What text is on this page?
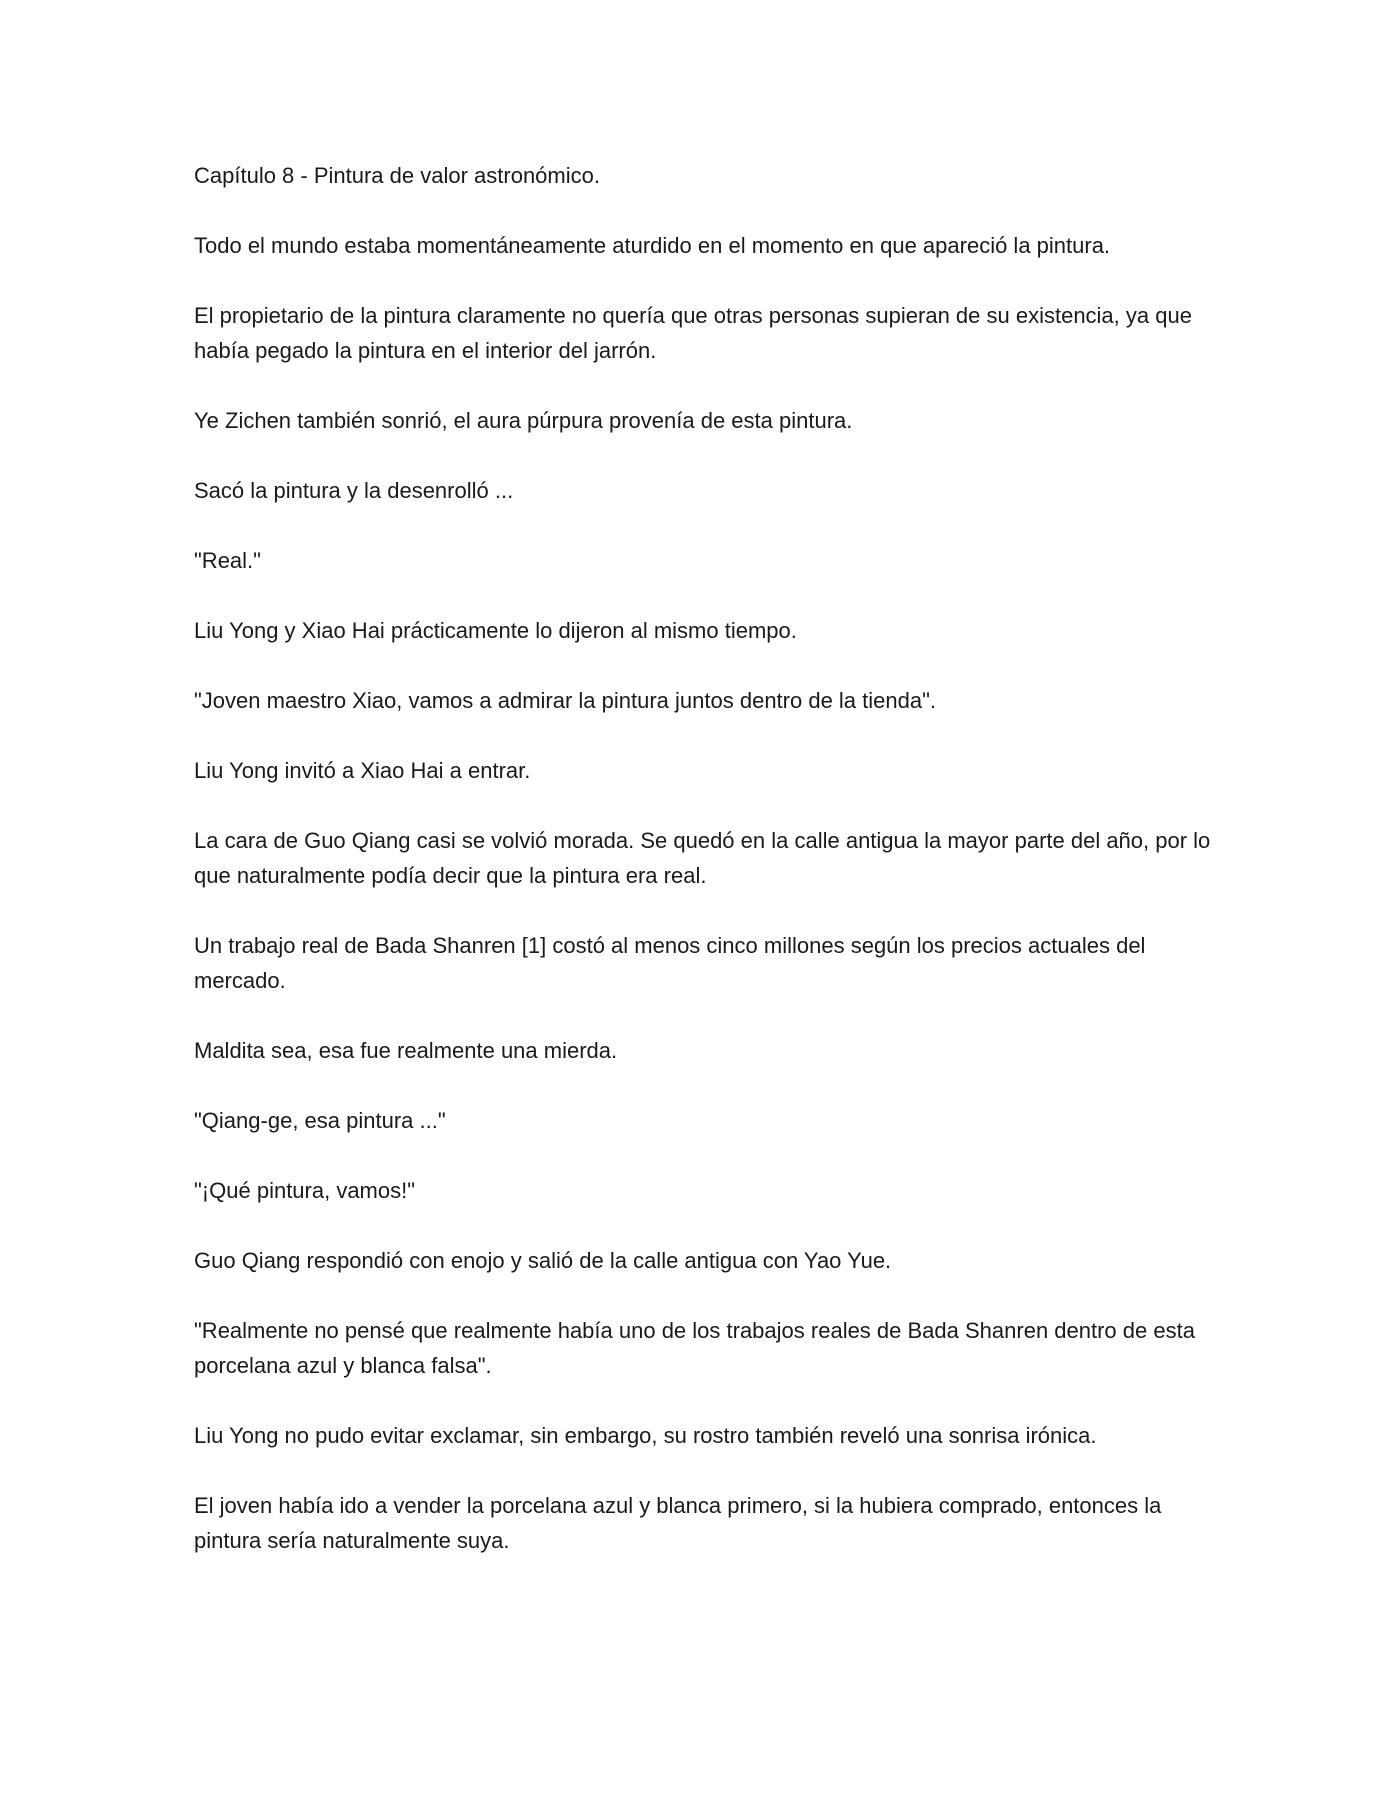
Capítulo 8 - Pintura de valor astronómico.

Todo el mundo estaba momentáneamente aturdido en el momento en que apareció la pintura.

El propietario de la pintura claramente no quería que otras personas supieran de su existencia, ya que había pegado la pintura en el interior del jarrón.

Ye Zichen también sonrió, el aura púrpura provenía de esta pintura.

Sacó la pintura y la desenrolló ...

"Real."

Liu Yong y Xiao Hai prácticamente lo dijeron al mismo tiempo.

"Joven maestro Xiao, vamos a admirar la pintura juntos dentro de la tienda".

Liu Yong invitó a Xiao Hai a entrar.

La cara de Guo Qiang casi se volvió morada. Se quedó en la calle antigua la mayor parte del año, por lo que naturalmente podía decir que la pintura era real.

Un trabajo real de Bada Shanren [1] costó al menos cinco millones según los precios actuales del mercado.

Maldita sea, esa fue realmente una mierda.

"Qiang-ge, esa pintura ..."

"¡Qué pintura, vamos!"

Guo Qiang respondió con enojo y salió de la calle antigua con Yao Yue.

"Realmente no pensé que realmente había uno de los trabajos reales de Bada Shanren dentro de esta porcelana azul y blanca falsa".

Liu Yong no pudo evitar exclamar, sin embargo, su rostro también reveló una sonrisa irónica.

El joven había ido a vender la porcelana azul y blanca primero, si la hubiera comprado, entonces la pintura sería naturalmente suya.
